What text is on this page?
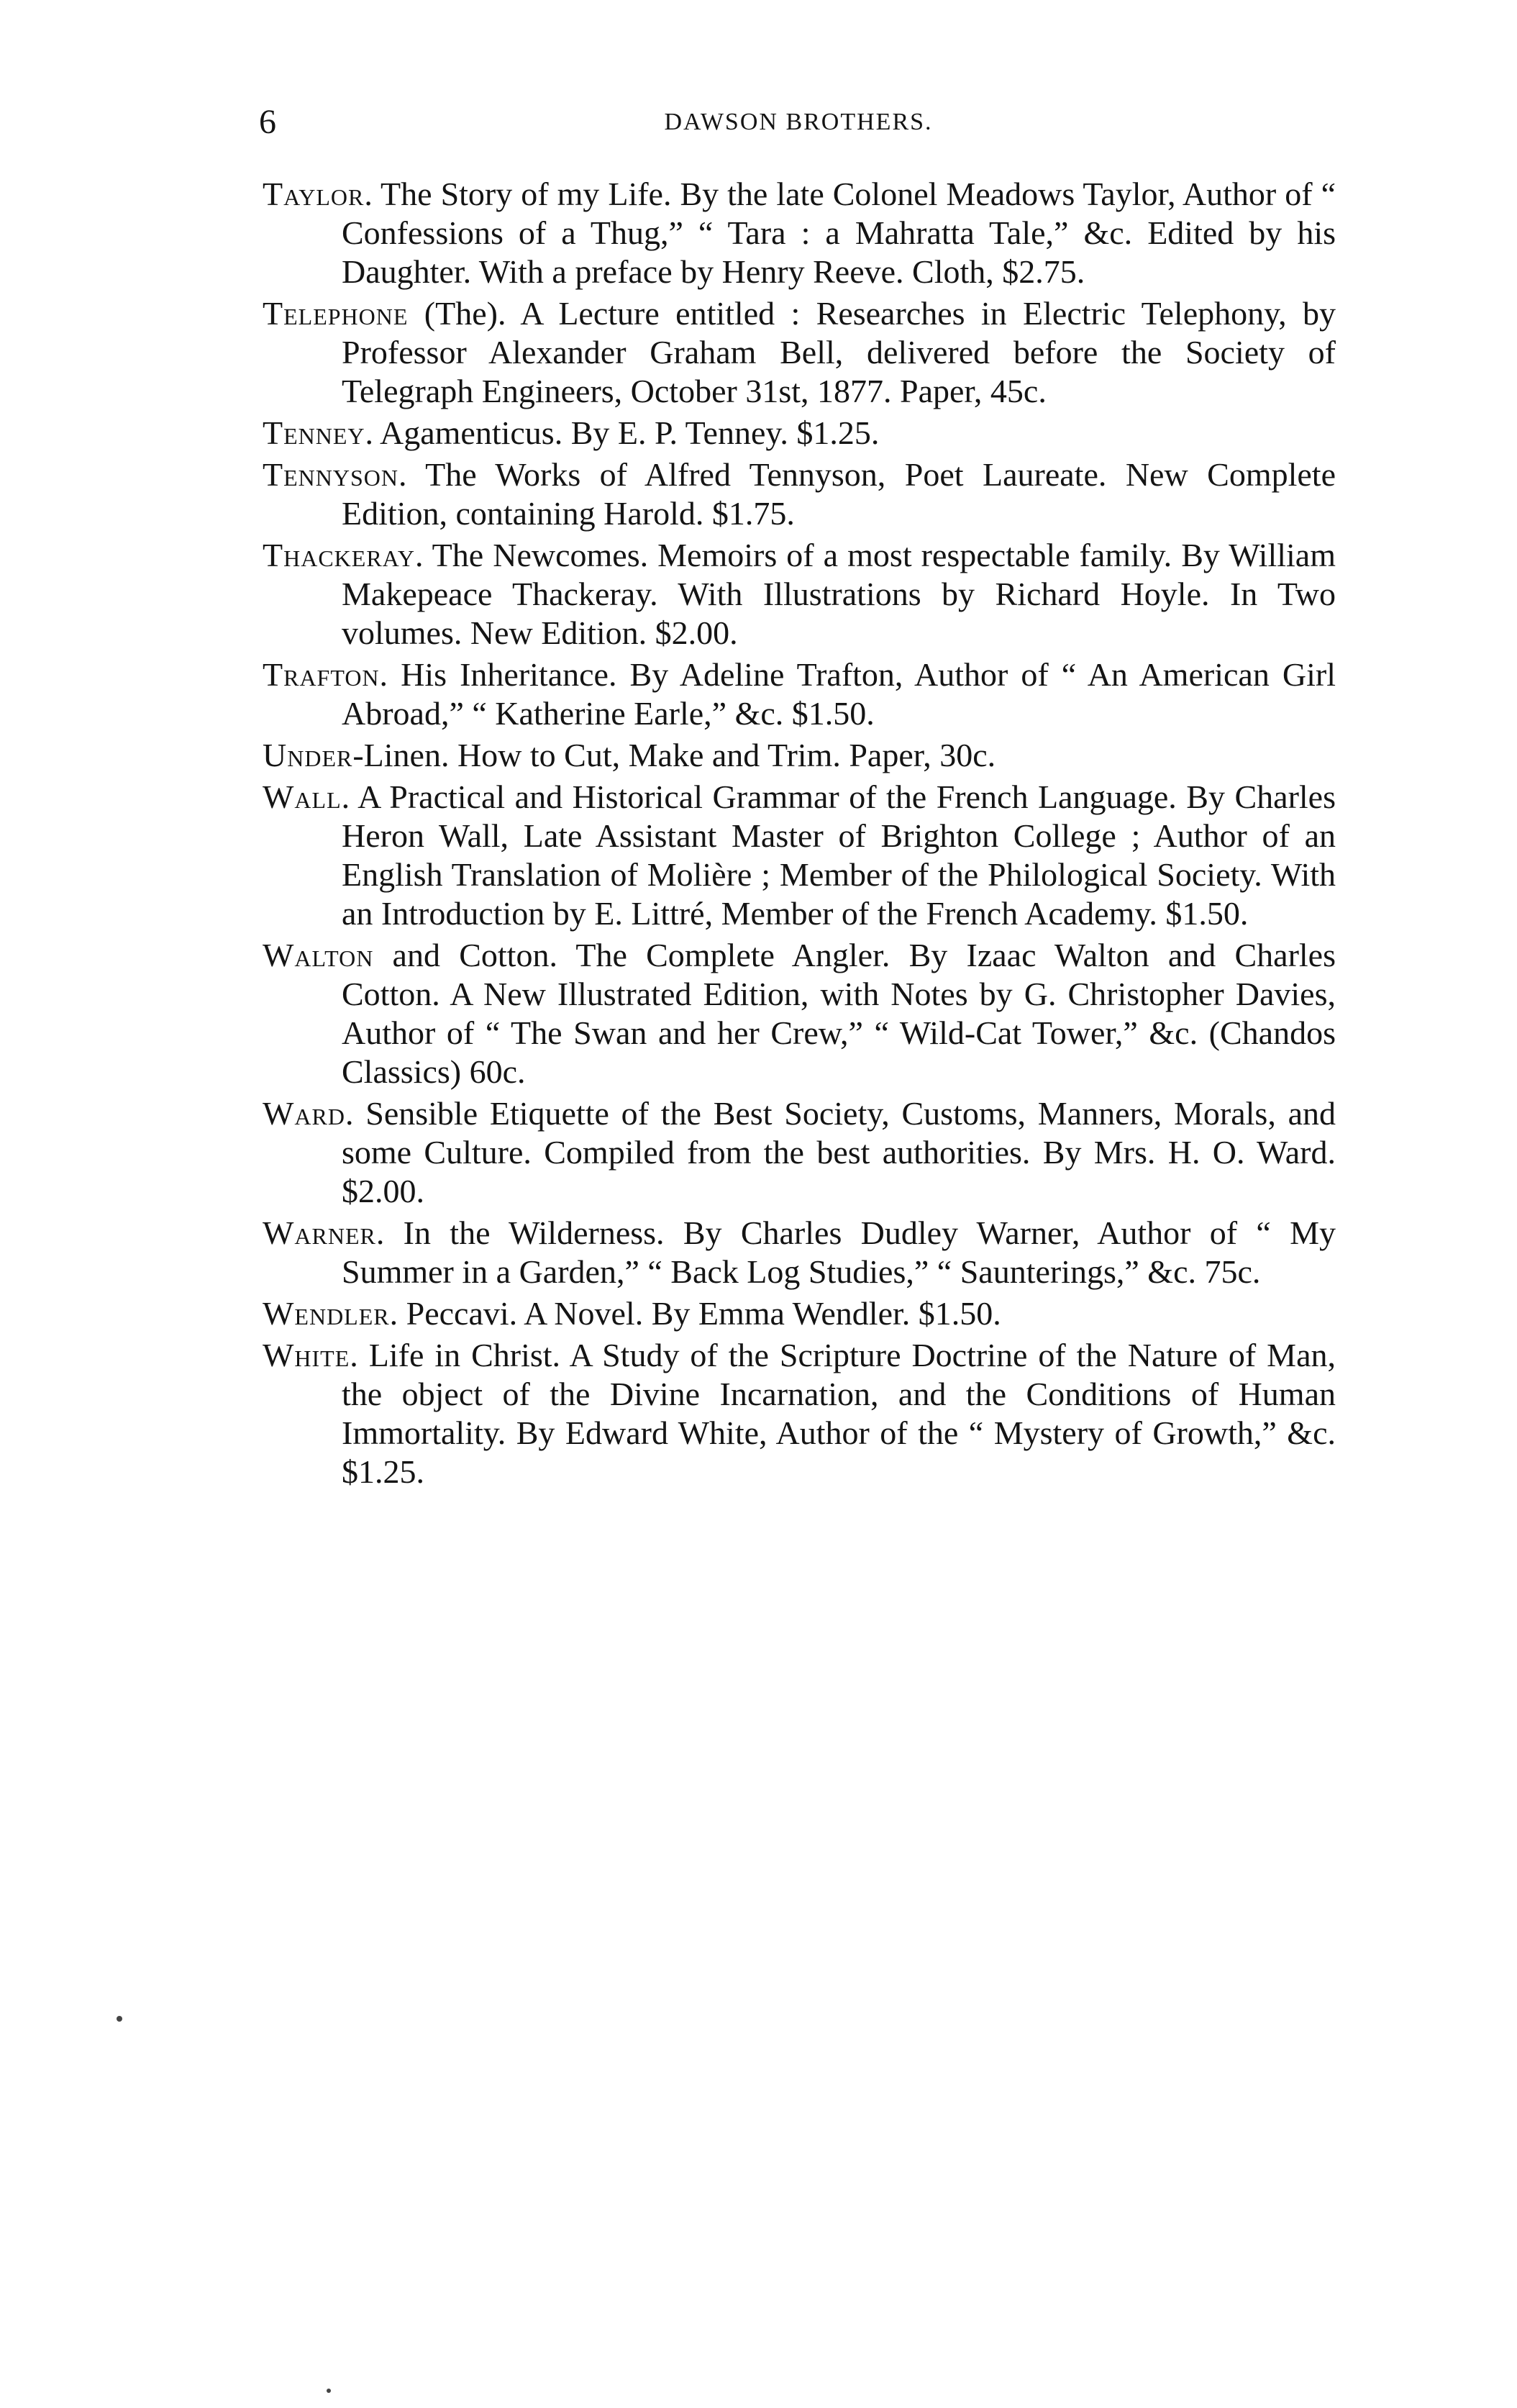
6	DAWSON BROTHERS.
Taylor. The Story of my Life. By the late Colonel Meadows Taylor, Author of “ Confessions of a Thug,” “ Tara : a Mahratta Tale,” &c. Edited by his Daughter. With a preface by Henry Reeve. Cloth, $2.75.
Telephone (The). A Lecture entitled : Researches in Electric Telephony, by Professor Alexander Graham Bell, delivered before the Society of Telegraph Engineers, October 31st, 1877. Paper, 45c.
Tenney. Agamenticus. By E. P. Tenney. $1.25.
Tennyson. The Works of Alfred Tennyson, Poet Laureate. New Complete Edition, containing Harold. $1.75.
Thackeray. The Newcomes. Memoirs of a most respectable family. By William Makepeace Thackeray. With Illustrations by Richard Hoyle. In Two volumes. New Edition. $2.00.
Trafton. His Inheritance. By Adeline Trafton, Author of “ An American Girl Abroad,” “ Katherine Earle,” &c. $1.50.
Under-Linen. How to Cut, Make and Trim. Paper, 30c.
Wall. A Practical and Historical Grammar of the French Language. By Charles Heron Wall, Late Assistant Master of Brighton College ; Author of an English Translation of Molière ; Member of the Philological Society. With an Introduction by E. Littré, Member of the French Academy. $1.50.
Walton and Cotton. The Complete Angler. By Izaac Walton and Charles Cotton. A New Illustrated Edition, with Notes by G. Christopher Davies, Author of “ The Swan and her Crew,” “ Wild-Cat Tower,” &c. (Chandos Classics) 60c.
Ward. Sensible Etiquette of the Best Society, Customs, Manners, Morals, and some Culture. Compiled from the best authorities. By Mrs. H. O. Ward. $2.00.
Warner. In the Wilderness. By Charles Dudley Warner, Author of “ My Summer in a Garden,” “ Back Log Studies,” “ Saunterings,” &c. 75c.
Wendler. Peccavi. A Novel. By Emma Wendler. $1.50.
White. Life in Christ. A Study of the Scripture Doctrine of the Nature of Man, the object of the Divine Incarnation, and the Conditions of Human Immortality. By Edward White, Author of the “ Mystery of Growth,” &c. $1.25.
